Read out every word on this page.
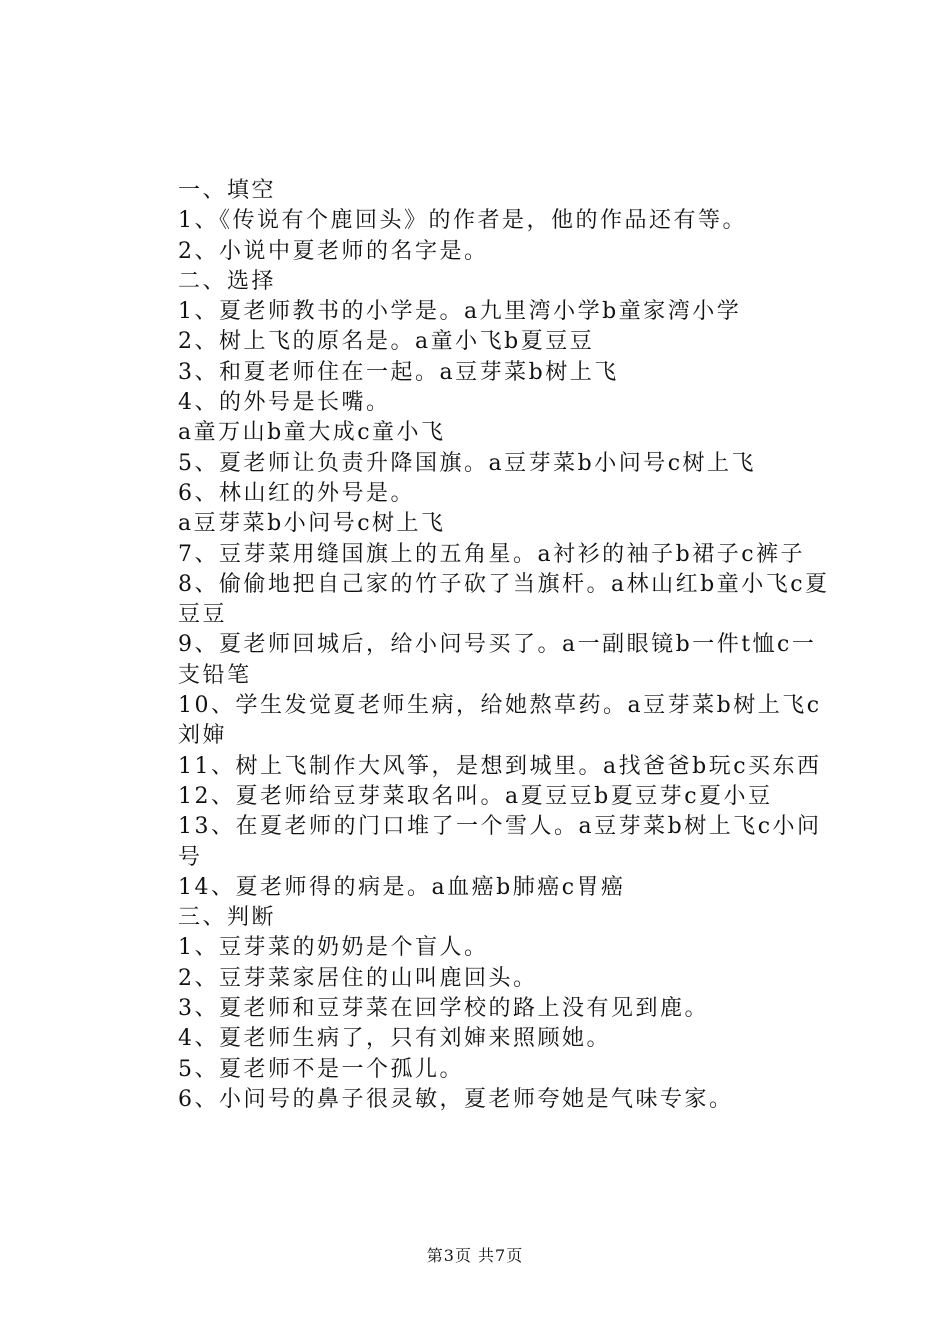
一、填空

1、《传说有个鹿回头》的作者是，他的作品还有等。

2、小说中夏老师的名字是。

二、选择

1、夏老师教书的小学是。a九里湾小学b童家湾小学

2、树上飞的原名是。a童小飞b夏豆豆

3、和夏老师住在一起。a豆芽菜b树上飞

4、的外号是长嘴。

a童万山b童大成c童小飞

5、夏老师让负责升降国旗。a豆芽菜b小问号c树上飞

6、林山红的外号是。

a豆芽菜b小问号c树上飞

7、豆芽菜用缝国旗上的五角星。a衬衫的袖子b裙子c裤子

8、偷偷地把自己家的竹子砍了当旗杆。a林山红b童小飞c夏豆豆

9、夏老师回城后，给小问号买了。a一副眼镜b一件t恤c一支铅笔

10、学生发觉夏老师生病，给她熬草药。a豆芽菜b树上飞c刘婶

11、树上飞制作大风筝，是想到城里。a找爸爸b玩c买东西

12、夏老师给豆芽菜取名叫。a夏豆豆b夏豆芽c夏小豆

13、在夏老师的门口堆了一个雪人。a豆芽菜b树上飞c小问号

14、夏老师得的病是。a血癌b肺癌c胃癌

三、判断

1、豆芽菜的奶奶是个盲人。

2、豆芽菜家居住的山叫鹿回头。

3、夏老师和豆芽菜在回学校的路上没有见到鹿。

4、夏老师生病了，只有刘婶来照顾她。

5、夏老师不是一个孤儿。

6、小问号的鼻子很灵敏，夏老师夸她是气味专家。

第3页 共7页
